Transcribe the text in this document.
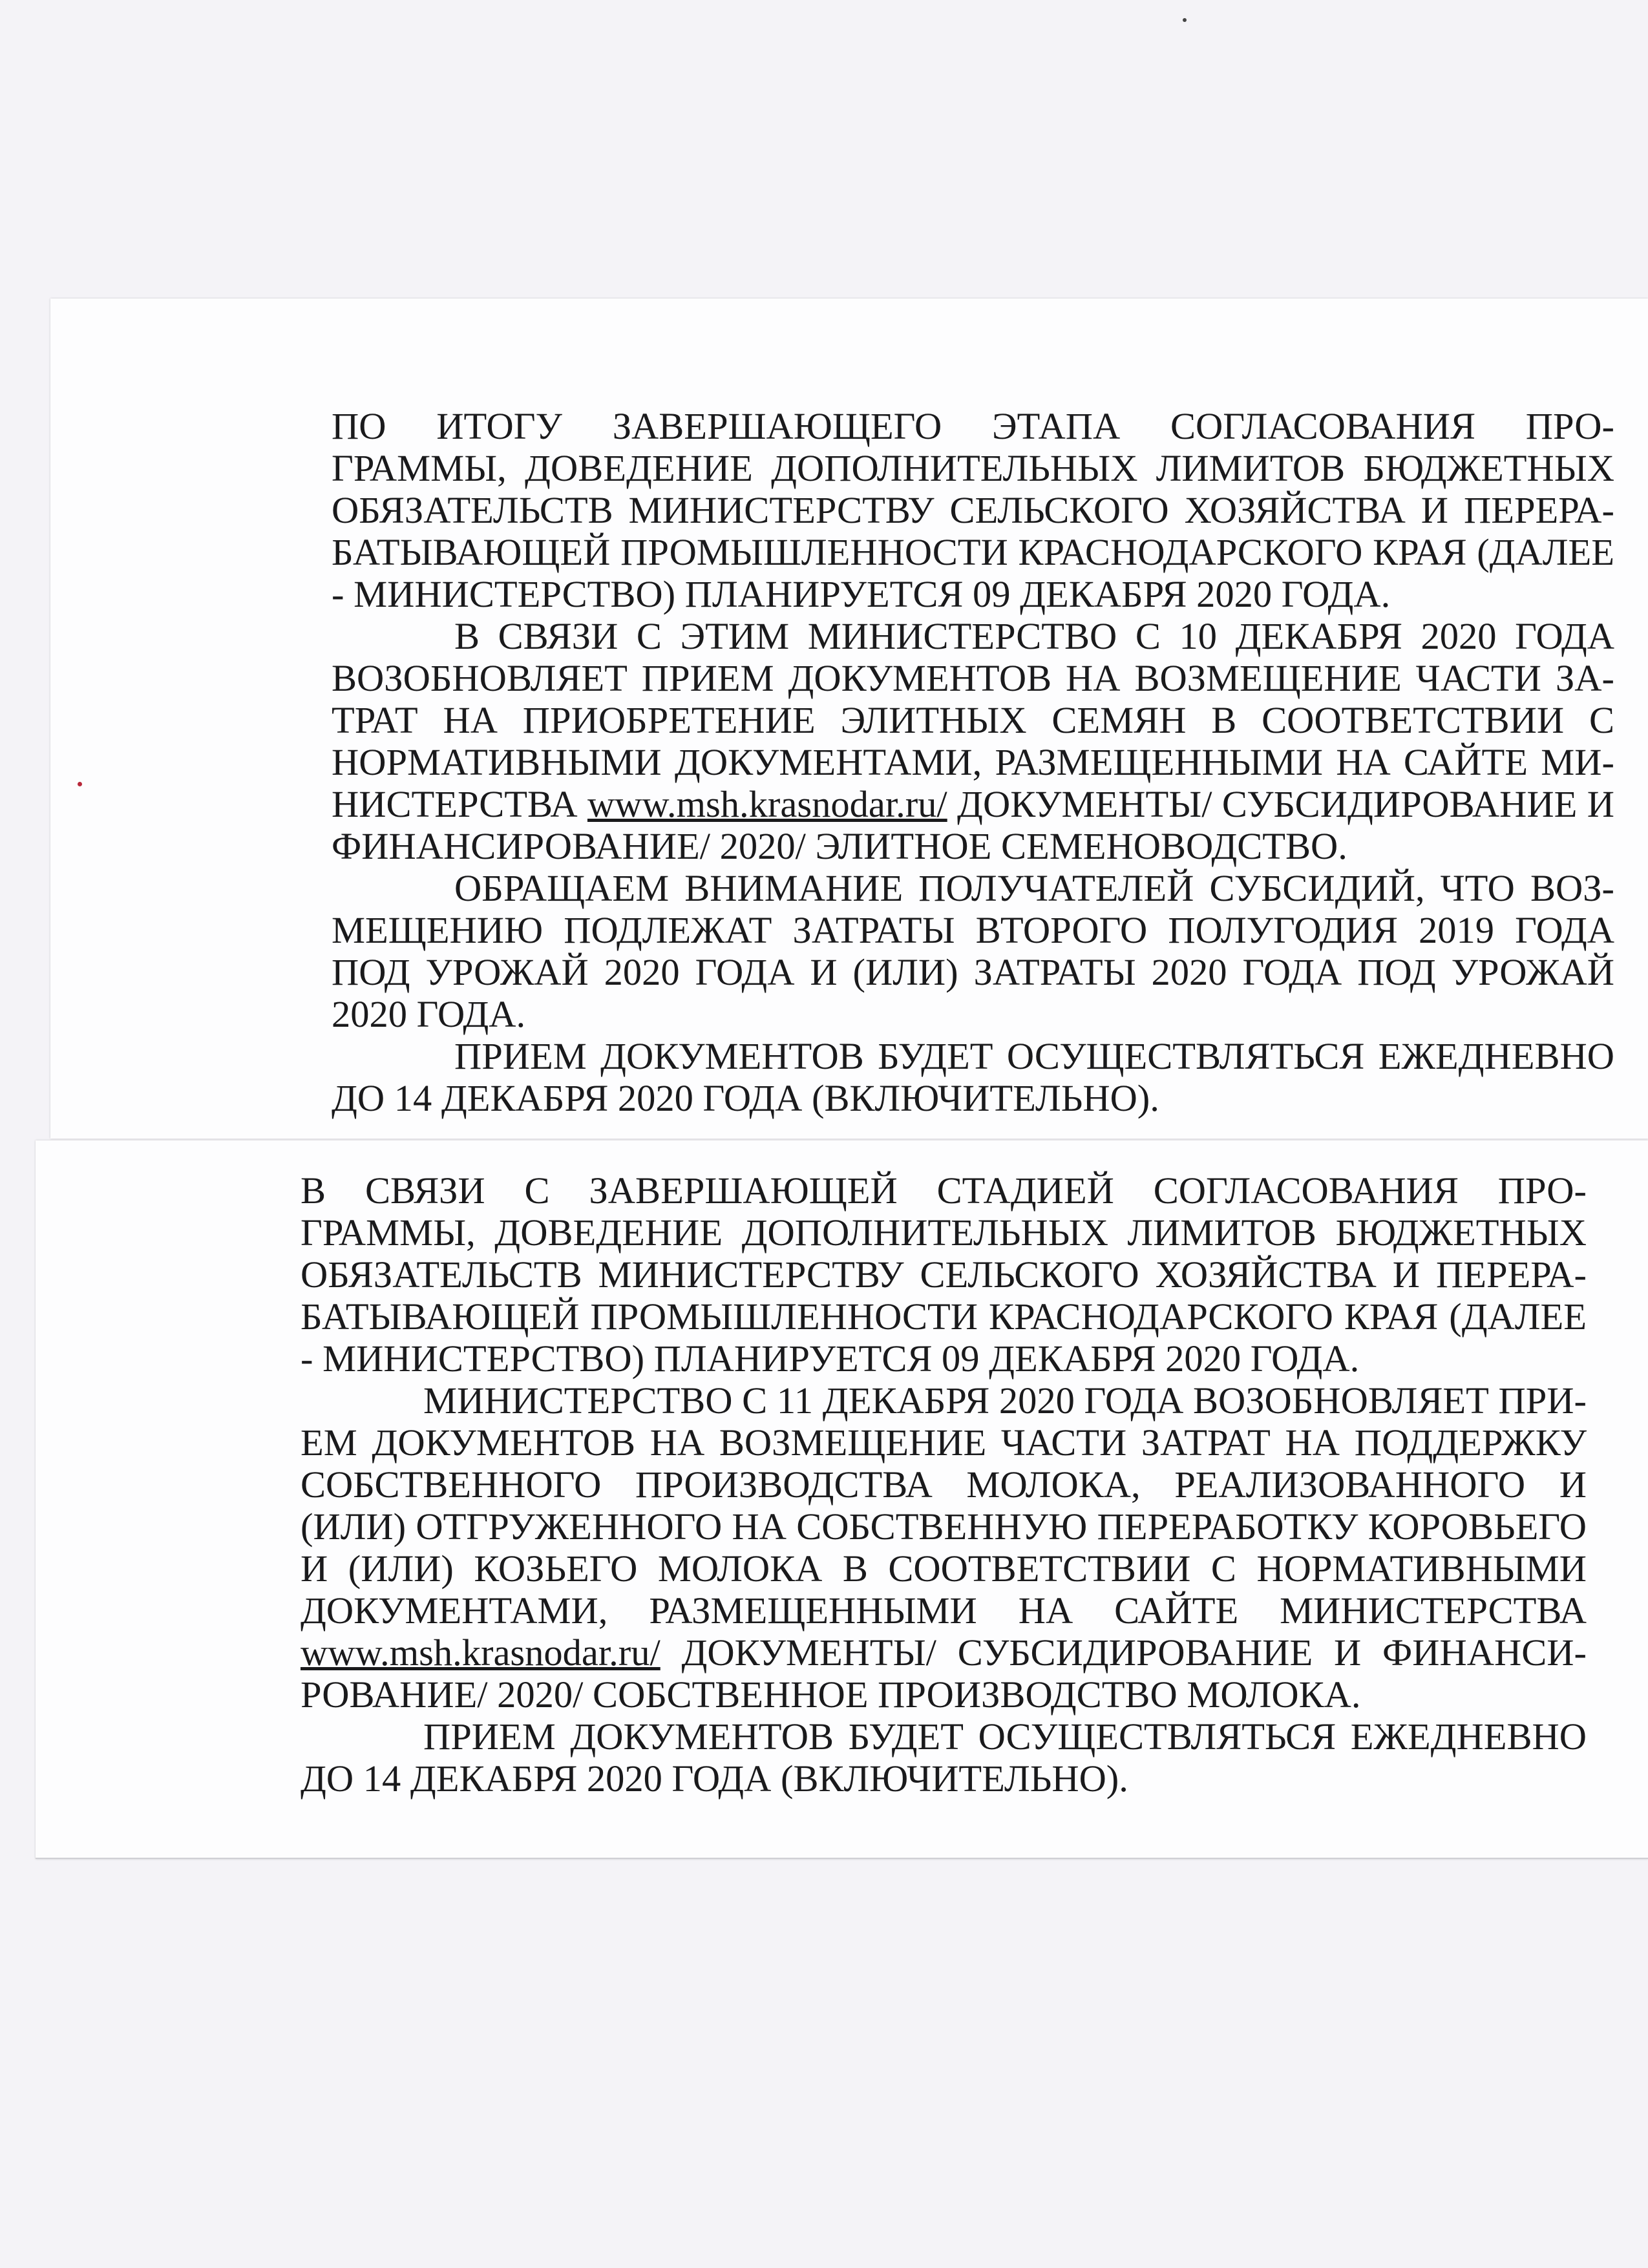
ПО ИТОГУ ЗАВЕРШАЮЩЕГО ЭТАПА СОГЛАСОВАНИЯ ПРО-
ГРАММЫ, ДОВЕДЕНИЕ ДОПОЛНИТЕЛЬНЫХ ЛИМИТОВ БЮДЖЕТНЫХ
ОБЯЗАТЕЛЬСТВ МИНИСТЕРСТВУ СЕЛЬСКОГО ХОЗЯЙСТВА И ПЕРЕРА-
БАТЫВАЮЩЕЙ ПРОМЫШЛЕННОСТИ КРАСНОДАРСКОГО КРАЯ (ДАЛЕЕ
- МИНИСТЕРСТВО) ПЛАНИРУЕТСЯ 09 ДЕКАБРЯ 2020 ГОДА.
В СВЯЗИ С ЭТИМ МИНИСТЕРСТВО С 10 ДЕКАБРЯ 2020 ГОДА
ВОЗОБНОВЛЯЕТ ПРИЕМ ДОКУМЕНТОВ НА ВОЗМЕЩЕНИЕ ЧАСТИ ЗА-
ТРАТ НА ПРИОБРЕТЕНИЕ ЭЛИТНЫХ СЕМЯН В СООТВЕТСТВИИ С
НОРМАТИВНЫМИ ДОКУМЕНТАМИ, РАЗМЕЩЕННЫМИ НА САЙТЕ МИ-
НИСТЕРСТВА www.msh.krasnodar.ru/ ДОКУМЕНТЫ/ СУБСИДИРОВАНИЕ И
ФИНАНСИРОВАНИЕ/ 2020/ ЭЛИТНОЕ СЕМЕНОВОДСТВО.
ОБРАЩАЕМ ВНИМАНИЕ ПОЛУЧАТЕЛЕЙ СУБСИДИЙ, ЧТО ВОЗ-
МЕЩЕНИЮ ПОДЛЕЖАТ ЗАТРАТЫ ВТОРОГО ПОЛУГОДИЯ 2019 ГОДА
ПОД УРОЖАЙ 2020 ГОДА И (ИЛИ) ЗАТРАТЫ 2020 ГОДА ПОД УРОЖАЙ
2020 ГОДА.
ПРИЕМ ДОКУМЕНТОВ БУДЕТ ОСУЩЕСТВЛЯТЬСЯ ЕЖЕДНЕВНО
ДО 14 ДЕКАБРЯ 2020 ГОДА (ВКЛЮЧИТЕЛЬНО).
В СВЯЗИ С ЗАВЕРШАЮЩЕЙ СТАДИЕЙ СОГЛАСОВАНИЯ ПРО-
ГРАММЫ, ДОВЕДЕНИЕ ДОПОЛНИТЕЛЬНЫХ ЛИМИТОВ БЮДЖЕТНЫХ
ОБЯЗАТЕЛЬСТВ МИНИСТЕРСТВУ СЕЛЬСКОГО ХОЗЯЙСТВА И ПЕРЕРА-
БАТЫВАЮЩЕЙ ПРОМЫШЛЕННОСТИ КРАСНОДАРСКОГО КРАЯ (ДАЛЕЕ
- МИНИСТЕРСТВО) ПЛАНИРУЕТСЯ 09 ДЕКАБРЯ 2020 ГОДА.
МИНИСТЕРСТВО С 11 ДЕКАБРЯ 2020 ГОДА ВОЗОБНОВЛЯЕТ ПРИ-
ЕМ ДОКУМЕНТОВ НА ВОЗМЕЩЕНИЕ ЧАСТИ ЗАТРАТ НА ПОДДЕРЖКУ
СОБСТВЕННОГО ПРОИЗВОДСТВА МОЛОКА, РЕАЛИЗОВАННОГО И
(ИЛИ) ОТГРУЖЕННОГО НА СОБСТВЕННУЮ ПЕРЕРАБОТКУ КОРОВЬЕГО
И (ИЛИ) КОЗЬЕГО МОЛОКА В СООТВЕТСТВИИ С НОРМАТИВНЫМИ
ДОКУМЕНТАМИ, РАЗМЕЩЕННЫМИ НА САЙТЕ МИНИСТЕРСТВА
www.msh.krasnodar.ru/ ДОКУМЕНТЫ/ СУБСИДИРОВАНИЕ И ФИНАНСИ-
РОВАНИЕ/ 2020/ СОБСТВЕННОЕ ПРОИЗВОДСТВО МОЛОКА.
ПРИЕМ ДОКУМЕНТОВ БУДЕТ ОСУЩЕСТВЛЯТЬСЯ ЕЖЕДНЕВНО
ДО 14 ДЕКАБРЯ 2020 ГОДА (ВКЛЮЧИТЕЛЬНО).
